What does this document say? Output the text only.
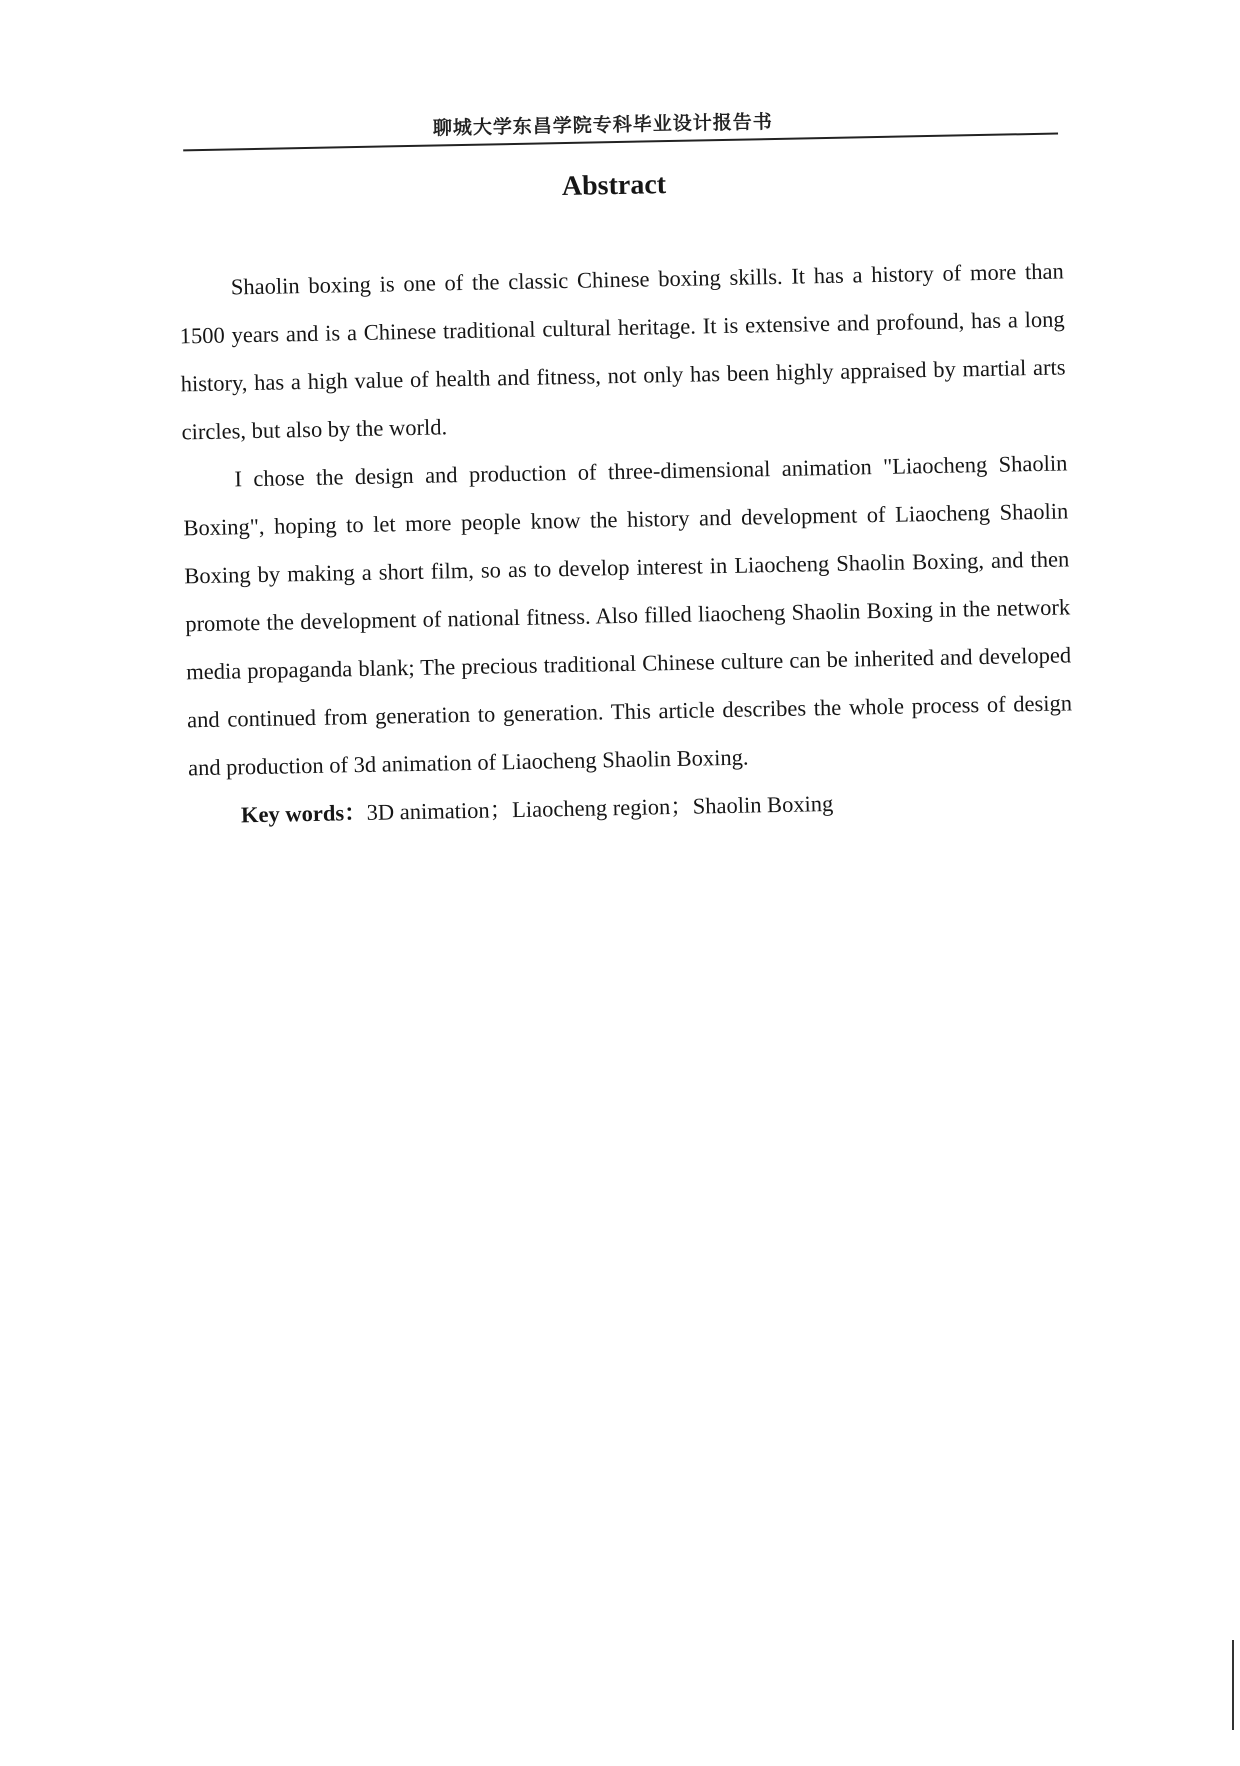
聊城大学东昌学院专科毕业设计报告书
Abstract

Shaolin boxing is one of the classic Chinese boxing skills. It has a history of more than 1500 years and is a Chinese traditional cultural heritage. It is extensive and profound, has a long history, has a high value of health and fitness, not only has been highly appraised by martial arts circles, but also by the world.

I chose the design and production of three-dimensional animation "Liaocheng Shaolin Boxing", hoping to let more people know the history and development of Liaocheng Shaolin Boxing by making a short film, so as to develop interest in Liaocheng Shaolin Boxing, and then promote the development of national fitness. Also filled liaocheng Shaolin Boxing in the network media propaganda blank; The precious traditional Chinese culture can be inherited and developed and continued from generation to generation. This article describes the whole process of design and production of 3d animation of Liaocheng Shaolin Boxing.

Key words：3D animation；Liaocheng region；Shaolin Boxing
